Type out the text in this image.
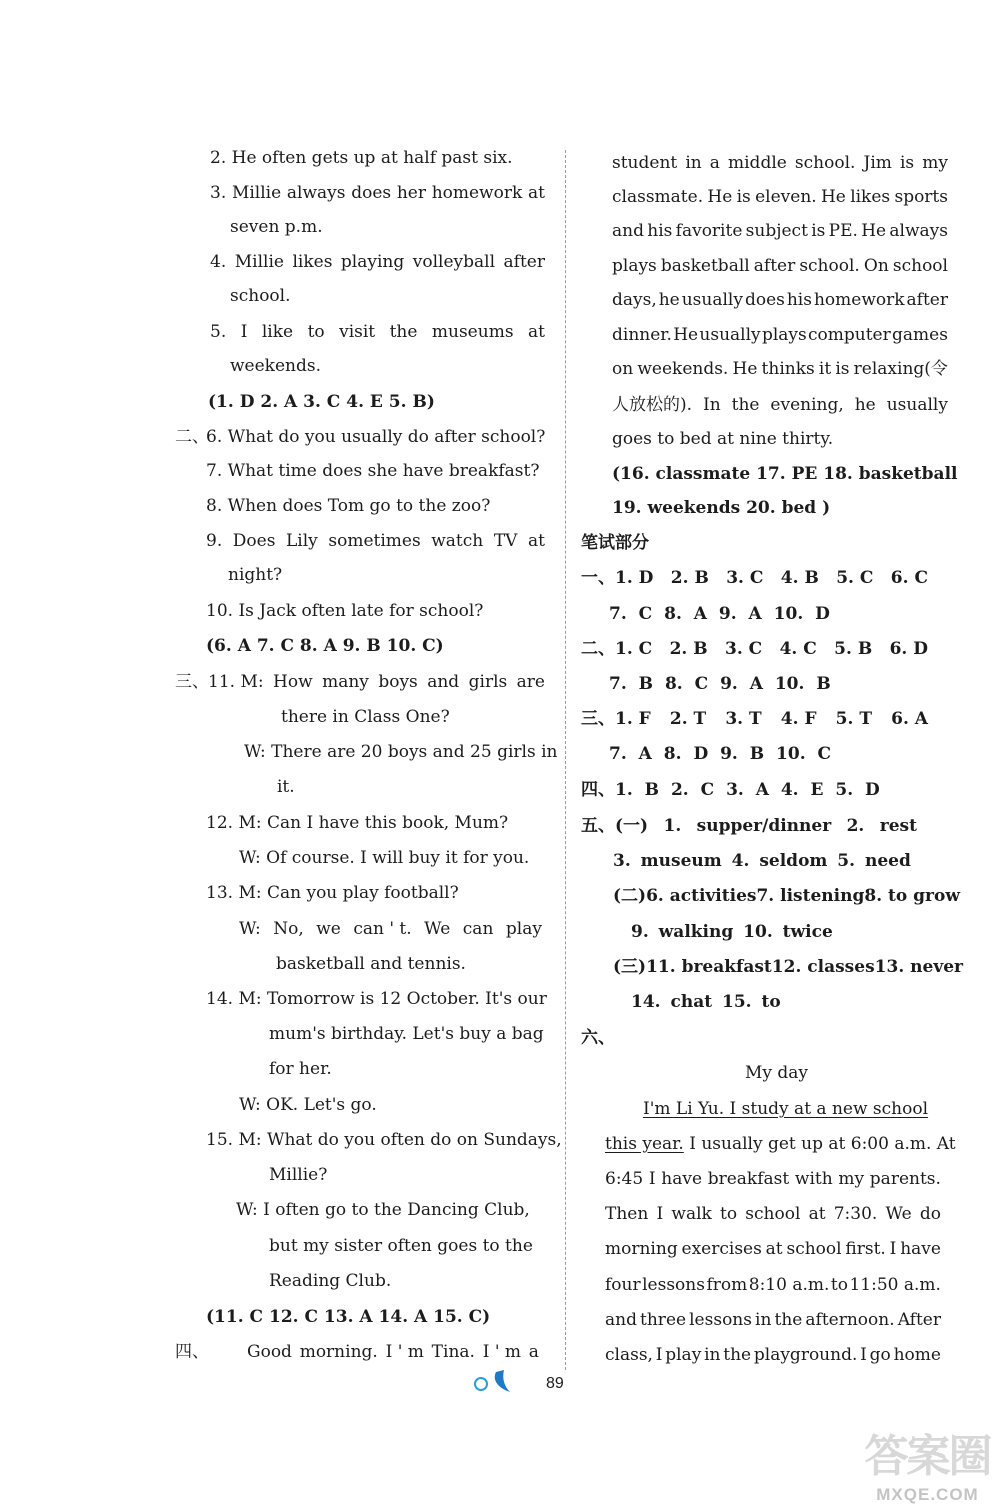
2. He often gets up at half past six.
3. Millie always does her homework at
seven p.m.
4. Millie likes playing volleyball after
school.
5. I like to visit the museums at
weekends.
(1. D 2. A 3. C 4. E 5. B)
二、
6. What do you usually do after school?
7. What time does she have breakfast?
8. When does Tom go to the zoo?
9. Does Lily sometimes watch TV at
night?
10. Is Jack often late for school?
(6. A 7. C 8. A 9. B 10. C)
三、 11. M: How many boys and girls are
there in Class One?
W: There are 20 boys and 25 girls in
it.
12. M: Can I have this book, Mum?
W: Of course. I will buy it for you.
13. M: Can you play football?
W: No, we can ' t. We can play
basketball and tennis.
14. M: Tomorrow is 12 October. It's our
mum's birthday. Let's buy a bag
for her.
W: OK. Let's go.
15. M: What do you often do on Sundays,
Millie?
W: I often go to the Dancing Club,
but my sister often goes to the
Reading Club.
(11. C 12. C 13. A 14. A 15. C)
四、 Good morning. I ' m Tina. I ' m a
student in a middle school. Jim is my
classmate. He is eleven. He likes sports
and his favorite subject is PE. He always
plays basketball after school. On school
days, he usually does his homework after
dinner. He usually plays computer games
on weekends. He thinks it is relaxing(令
人放松的). In the evening, he usually
goes to bed at nine thirty.
(16. classmate 17. PE 18. basketball
19. weekends 20. bed )
笔试部分
一、1. D 2. B 3. C 4. B 5. C 6. C
7. C 8. A 9. A 10. D
二、1. C 2. B 3. C 4. C 5. B 6. D
7. B 8. C 9. A 10. B
三、1. F 2. T 3. T 4. F 5. T 6. A
7. A 8. D 9. B 10. C
四、1. B 2. C 3. A 4. E 5. D
五、(一) 1. supper/dinner 2. rest
3. museum 4. seldom 5. need
(二)6. activities 7. listening 8. to grow
9. walking 10. twice
(三)11. breakfast 12. classes 13. never
14. chat 15. to
六、
My day
I'm Li Yu. I study at a new school
this year. I usually get up at 6:00 a.m. At
6:45 I have breakfast with my parents.
Then I walk to school at 7:30. We do
morning exercises at school first. I have
four lessons from 8:10 a.m. to 11:50 a.m.
and three lessons in the afternoon. After
class, I play in the playground. I go home
89
答案圈
MXQE.COM
